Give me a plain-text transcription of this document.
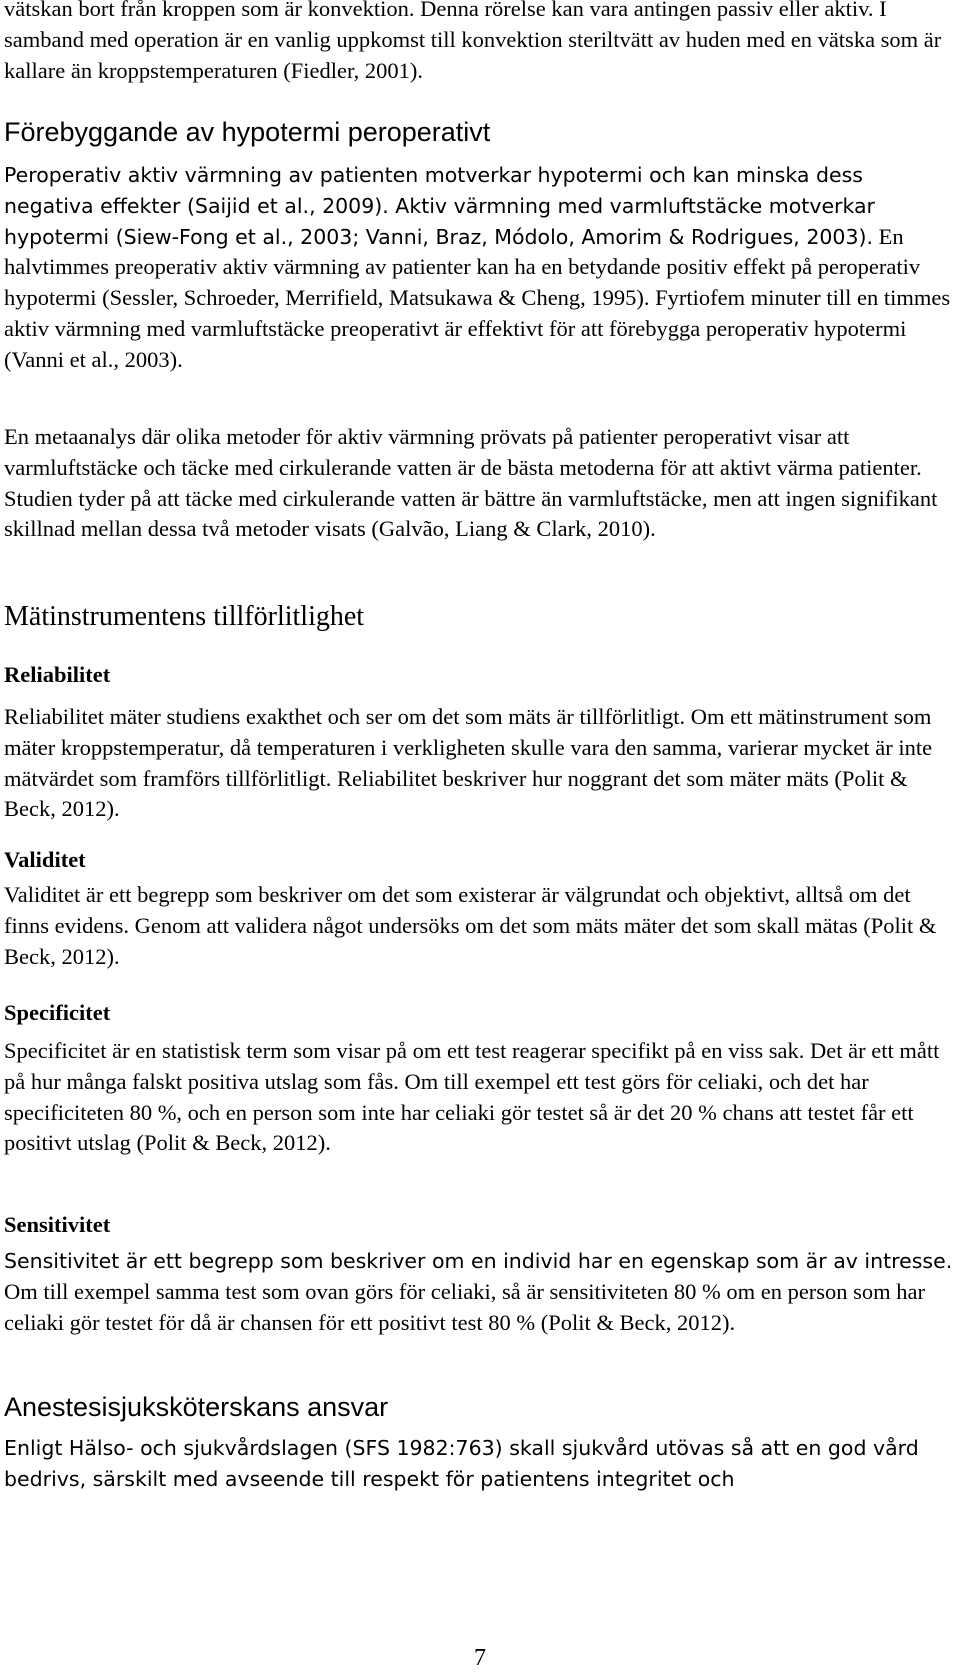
vätskan bort från kroppen som är konvektion. Denna rörelse kan vara antingen passiv eller aktiv. I samband med operation är en vanlig uppkomst till konvektion steriltvätt av huden med en vätska som är kallare än kroppstemperaturen (Fiedler, 2001).

Förebyggande av hypotermi peroperativt

Peroperativ aktiv värmning av patienten motverkar hypotermi och kan minska dess negativa effekter (Saijid et al., 2009). Aktiv värmning med varmluftstäcke motverkar hypotermi (Siew-Fong et al., 2003; Vanni, Braz, Módolo, Amorim & Rodrigues, 2003). En halvtimmes preoperativ aktiv värmning av patienter kan ha en betydande positiv effekt på peroperativ hypotermi (Sessler, Schroeder, Merrifield, Matsukawa & Cheng, 1995). Fyrtiofem minuter till en timmes aktiv värmning med varmluftstäcke preoperativt är effektivt för att förebygga peroperativ hypotermi (Vanni et al., 2003).

En metaanalys där olika metoder för aktiv värmning prövats på patienter peroperativt visar att varmluftstäcke och täcke med cirkulerande vatten är de bästa metoderna för att aktivt värma patienter. Studien tyder på att täcke med cirkulerande vatten är bättre än varmluftstäcke, men att ingen signifikant skillnad mellan dessa två metoder visats (Galvão, Liang & Clark, 2010).

Mätinstrumentens tillförlitlighet
Reliabilitet

Reliabilitet mäter studiens exakthet och ser om det som mäts är tillförlitligt. Om ett mätinstrument som mäter kroppstemperatur, då temperaturen i verkligheten skulle vara den samma, varierar mycket är inte mätvärdet som framförs tillförlitligt. Reliabilitet beskriver hur noggrant det som mäter mäts (Polit & Beck, 2012).

Validitet

Validitet är ett begrepp som beskriver om det som existerar är välgrundat och objektivt, alltså om det finns evidens. Genom att validera något undersöks om det som mäts mäter det som skall mätas (Polit & Beck, 2012).

Specificitet

Specificitet är en statistisk term som visar på om ett test reagerar specifikt på en viss sak. Det är ett mått på hur många falskt positiva utslag som fås. Om till exempel ett test görs för celiaki, och det har specificiteten 80 %, och en person som inte har celiaki gör testet så är det 20 % chans att testet får ett positivt utslag (Polit & Beck, 2012).

Sensitivitet

Sensitivitet är ett begrepp som beskriver om en individ har en egenskap som är av intresse. Om till exempel samma test som ovan görs för celiaki, så är sensitiviteten 80 % om en person som har celiaki gör testet för då är chansen för ett positivt test 80 % (Polit & Beck, 2012).

Anestesisjuksköterskans ansvar

Enligt Hälso- och sjukvårdslagen (SFS 1982:763) skall sjukvård utövas så att en god vård bedrivs, särskilt med avseende till respekt för patientens integritet och

7
